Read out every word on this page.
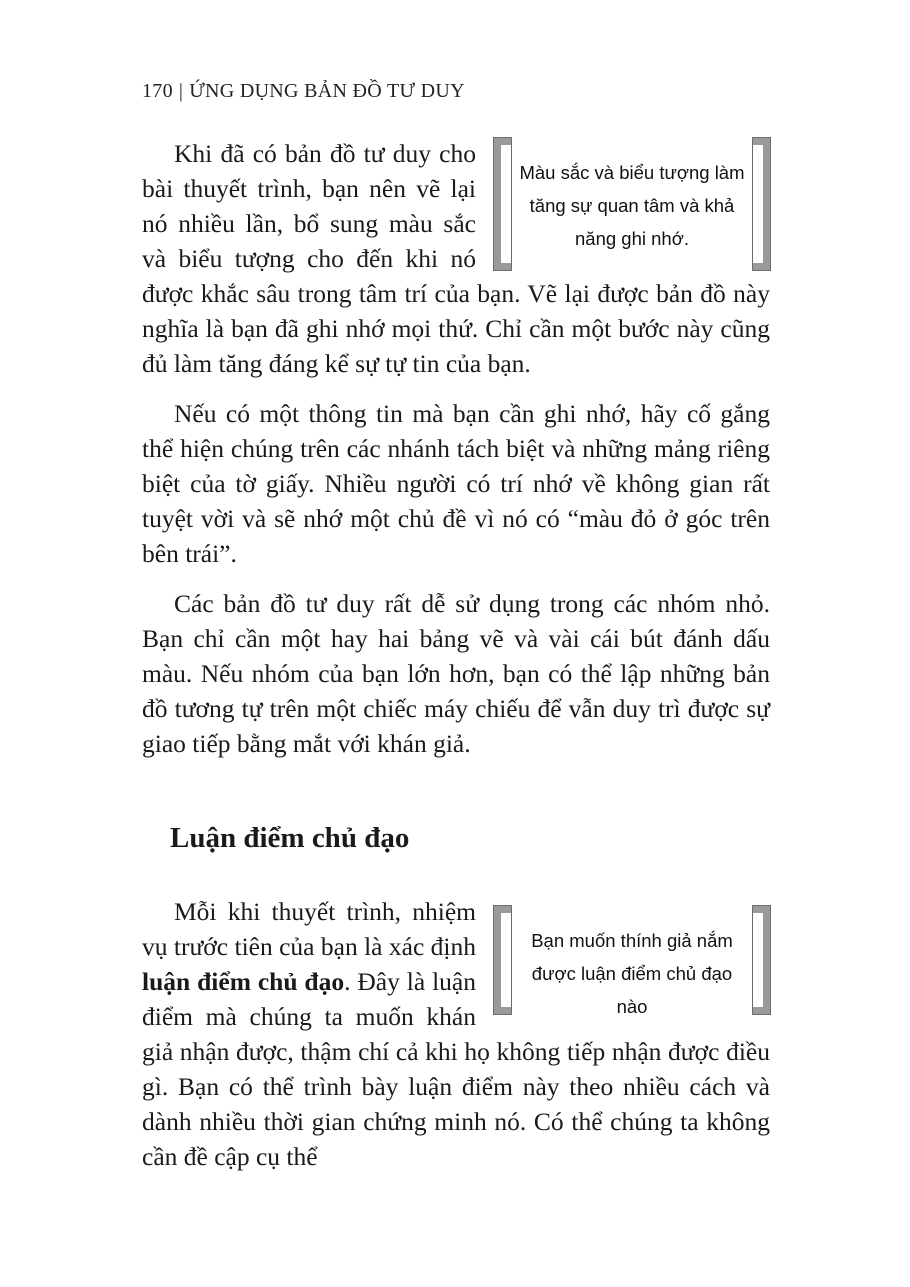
170 | ỨNG DỤNG BẢN ĐỒ TƯ DUY

Màu sắc và biểu tượng làm tăng sự quan tâm và khả năng ghi nhớ.
Khi đã có bản đồ tư duy cho bài thuyết trình, bạn nên vẽ lại nó nhiều lần, bổ sung màu sắc và biểu tượng cho đến khi nó được khắc sâu trong tâm trí của bạn. Vẽ lại được bản đồ này nghĩa là bạn đã ghi nhớ mọi thứ. Chỉ cần một bước này cũng đủ làm tăng đáng kể sự tự tin của bạn.

Nếu có một thông tin mà bạn cần ghi nhớ, hãy cố gắng thể hiện chúng trên các nhánh tách biệt và những mảng riêng biệt của tờ giấy. Nhiều người có trí nhớ về không gian rất tuyệt vời và sẽ nhớ một chủ đề vì nó có “màu đỏ ở góc trên bên trái”.

Các bản đồ tư duy rất dễ sử dụng trong các nhóm nhỏ. Bạn chỉ cần một hay hai bảng vẽ và vài cái bút đánh dấu màu. Nếu nhóm của bạn lớn hơn, bạn có thể lập những bản đồ tương tự trên một chiếc máy chiếu để vẫn duy trì được sự giao tiếp bằng mắt với khán giả.

Luận điểm chủ đạo

Bạn muốn thính giả nắm được luận điểm chủ đạo nào
Mỗi khi thuyết trình, nhiệm vụ trước tiên của bạn là xác định luận điểm chủ đạo. Đây là luận điểm mà chúng ta muốn khán giả nhận được, thậm chí cả khi họ không tiếp nhận được điều gì. Bạn có thể trình bày luận điểm này theo nhiều cách và dành nhiều thời gian chứng minh nó. Có thể chúng ta không cần đề cập cụ thể
